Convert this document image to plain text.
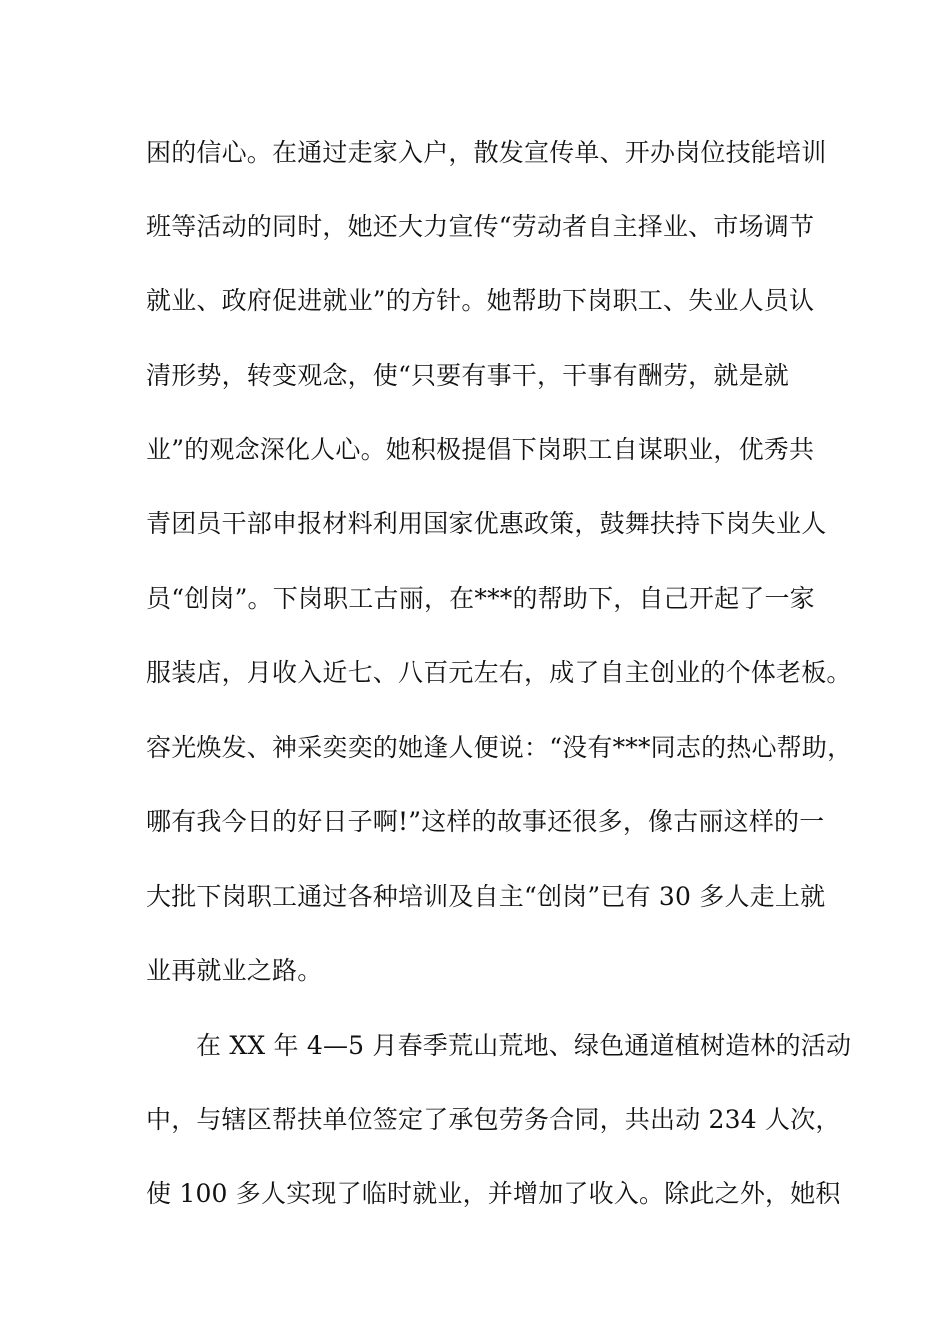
困的信心。在通过走家入户，散发宣传单、开办岗位技能培训
班等活动的同时，她还大力宣传“劳动者自主择业、市场调节
就业、政府促进就业”的方针。她帮助下岗职工、失业人员认
清形势，转变观念，使“只要有事干，干事有酬劳，就是就
业”的观念深化人心。她积极提倡下岗职工自谋职业，优秀共
青团员干部申报材料利用国家优惠政策，鼓舞扶持下岗失业人
员“创岗”。下岗职工古丽，在***的帮助下，自己开起了一家
服装店，月收入近七、八百元左右，成了自主创业的个体老板。
容光焕发、神采奕奕的她逢人便说：“没有***同志的热心帮助，
哪有我今日的好日子啊!”这样的故事还很多，像古丽这样的一
大批下岗职工通过各种培训及自主“创岗”已有 30 多人走上就
业再就业之路。
在 XX 年 4—5 月春季荒山荒地、绿色通道植树造林的活动
中，与辖区帮扶单位签定了承包劳务合同，共出动 234 人次，
使 100 多人实现了临时就业，并增加了收入。除此之外，她积
